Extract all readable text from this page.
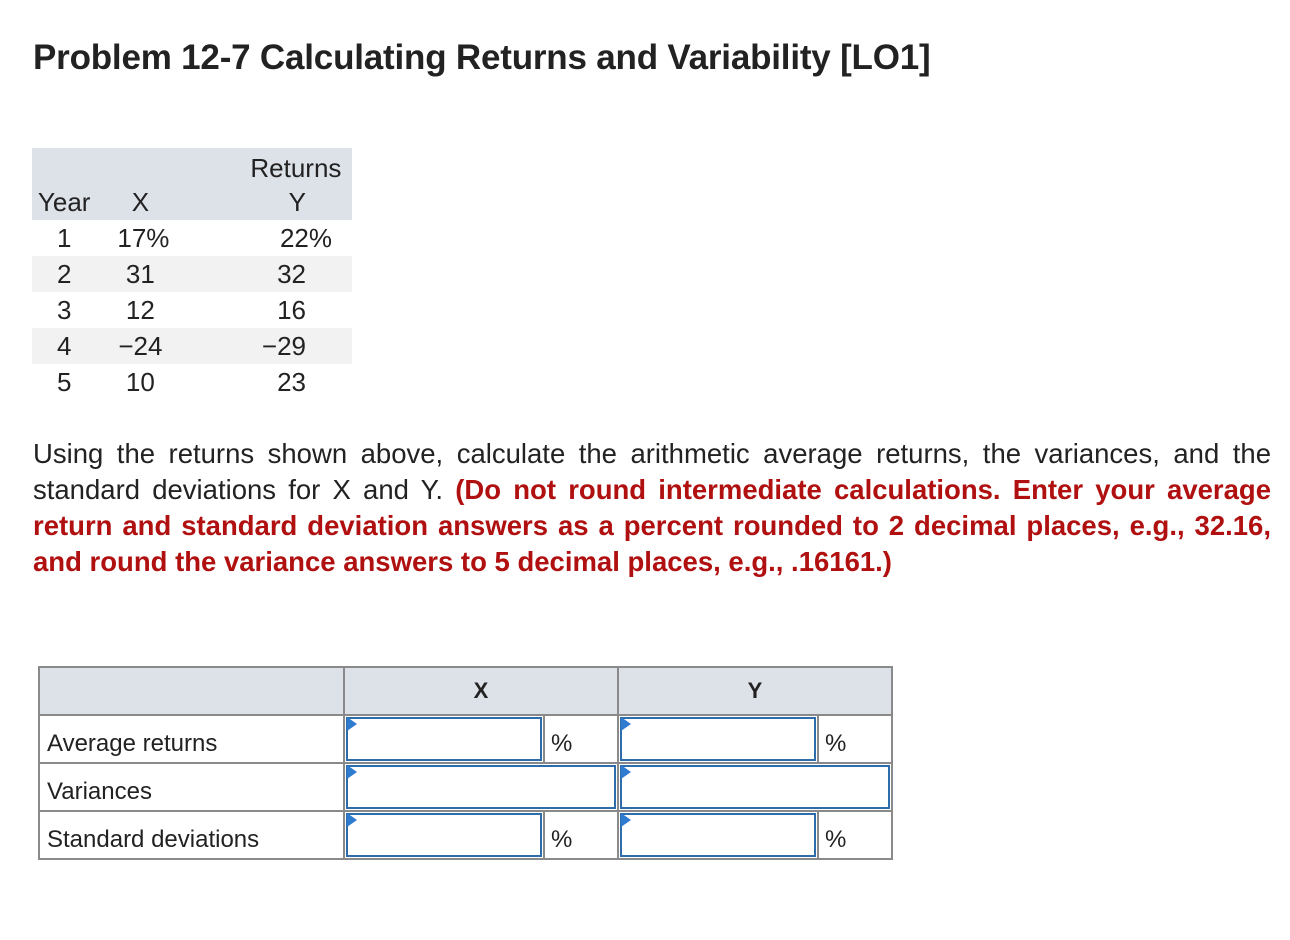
Problem 12-7 Calculating Returns and Variability [LO1]
	Returns	
Year	X	Y
1	17%	22%
2	31	32
3	12	16
4	−24	−29
5	10	23

Using the returns shown above, calculate the arithmetic average returns, the variances, and the standard deviations for X and Y. (Do not round intermediate calculations. Enter your average return and standard deviation answers as a percent rounded to 2 decimal places, e.g., 32.16, and round the variance answers to 5 decimal places, e.g., .16161.)

	X		Y	
Average returns		%		%
Variances	

Standard deviations		%		%
